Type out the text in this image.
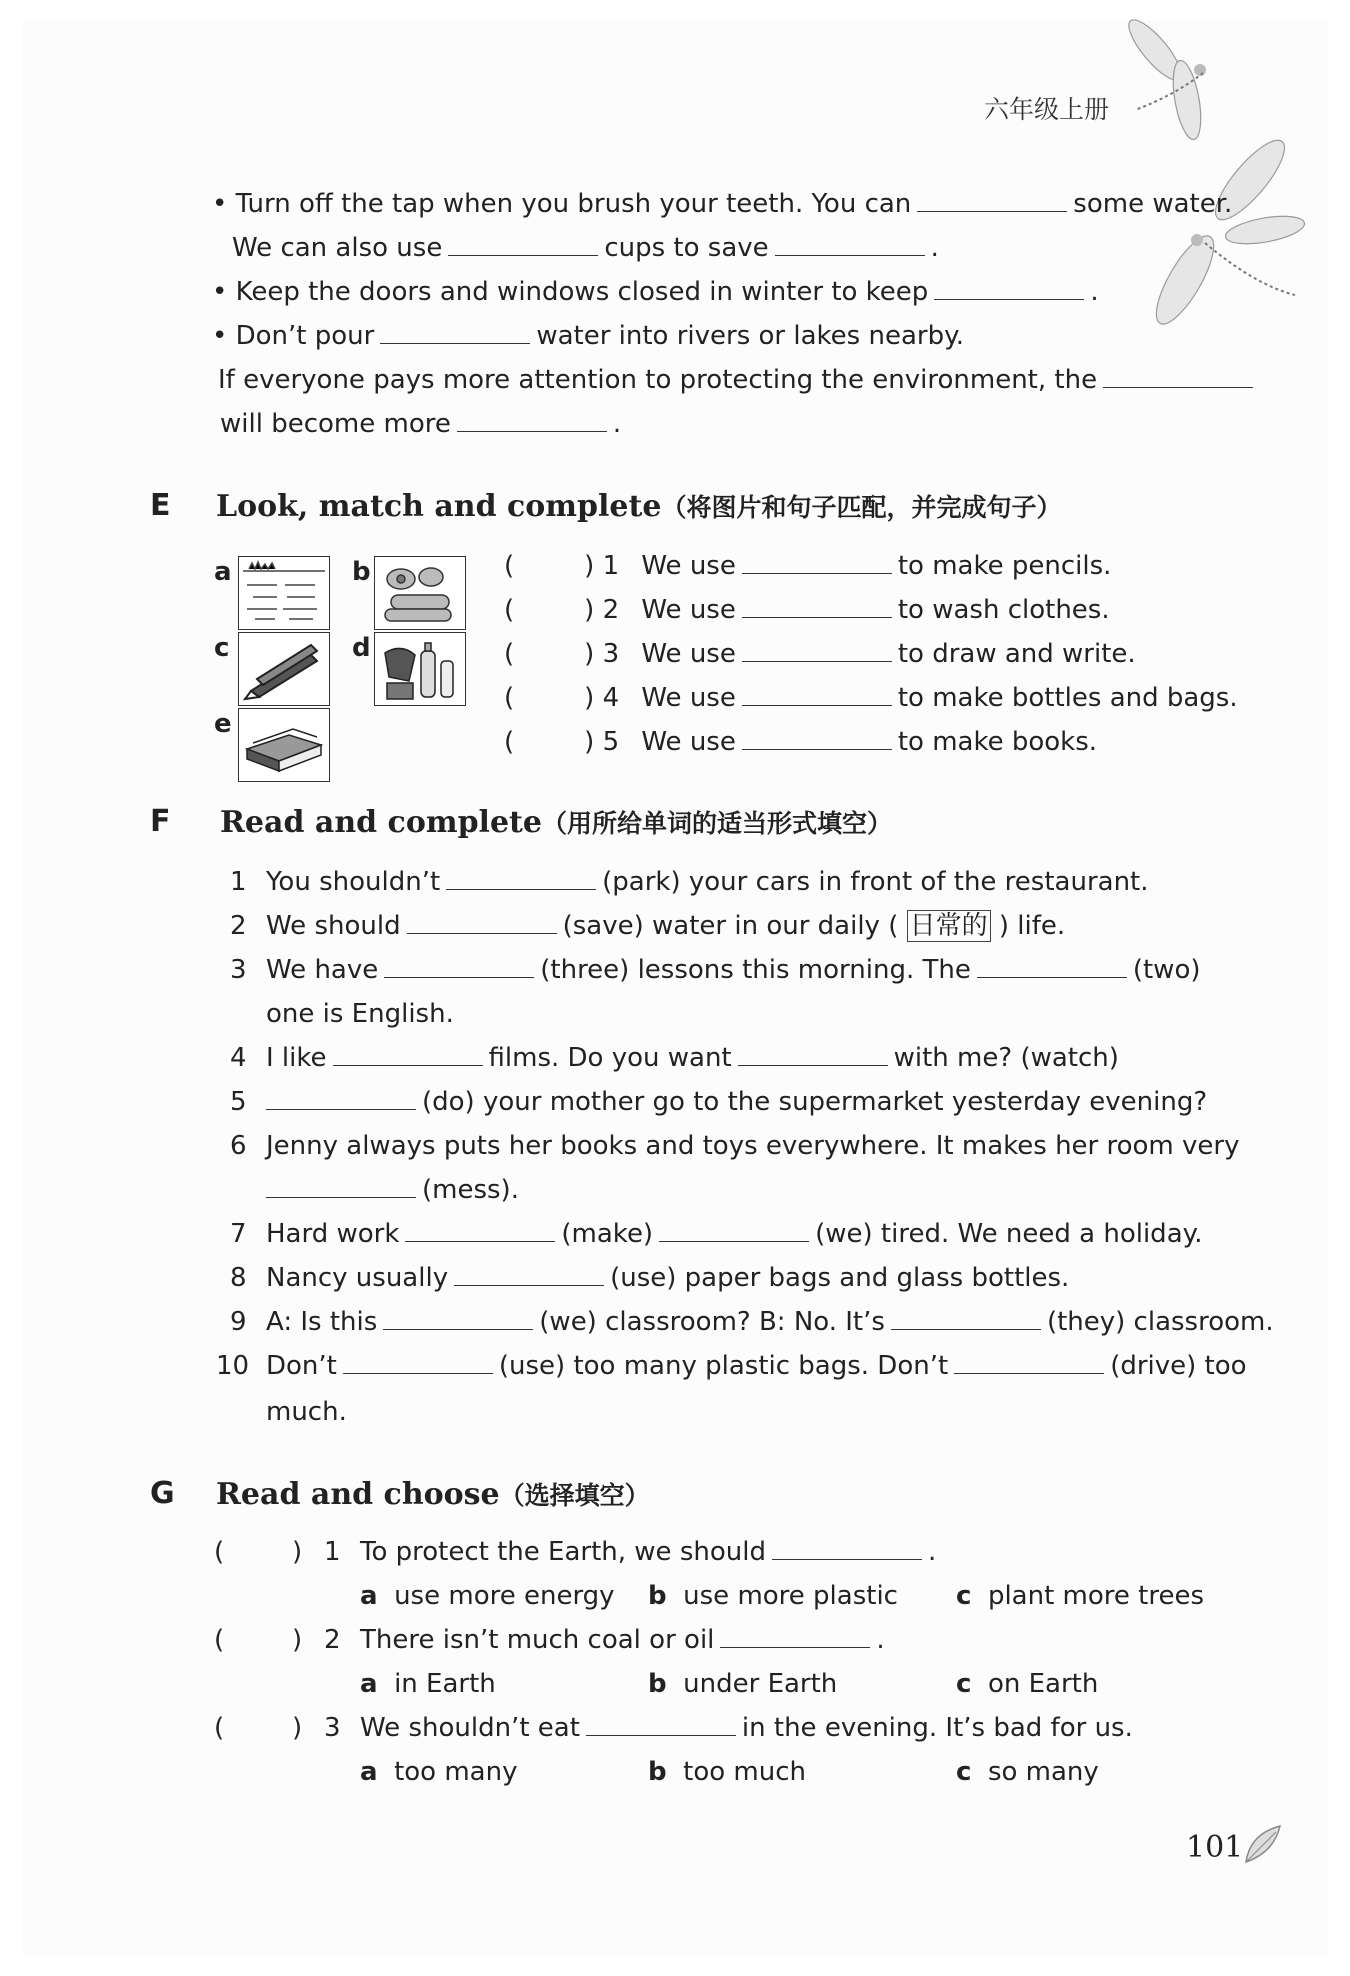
六年级上册
• Turn off the tap when you brush your teeth. You can	some water.
We can also use	cups to save	.
• Keep the doors and windows closed in winter to keep	.
• Don’t pour	water into rivers or lakes nearby.
If everyone pays more attention to protecting the environment, the
will become more	.
E Look, match and complete（将图片和句子匹配，并完成句子）
a	b
c	d
e
(	) 1 We use	to make pencils.
(	) 2 We use	to wash clothes.
(	) 3 We use	to draw and write.
(	) 4 We use	to make bottles and bags.
(	) 5 We use	to make books.
F Read and complete（用所给单词的适当形式填空）
1 You shouldn’t	(park) your cars in front of the restaurant.
2 We should	(save) water in our daily ( 日常的 ) life.
3 We have	(three) lessons this morning. The	(two)
one is English.
4 I like	films. Do you want	with me? (watch)
5	(do) your mother go to the supermarket yesterday evening?
6 Jenny always puts her books and toys everywhere. It makes her room very
(mess).
7 Hard work	(make)	(we) tired. We need a holiday.
8 Nancy usually	(use) paper bags and glass bottles.
9 A: Is this	(we) classroom? B: No. It’s	(they) classroom.
10 Don’t	(use) too many plastic bags. Don’t	(drive) too
much.
G Read and choose（选择填空）
(	) 1 To protect the Earth, we should	.
a use more energy b use more plastic c plant more trees
(	) 2 There isn’t much coal or oil	.
a in Earth	b under Earth	c on Earth
(	) 3 We shouldn’t eat	in the evening. It’s bad for us.
a too many	b too much	c so many
101
